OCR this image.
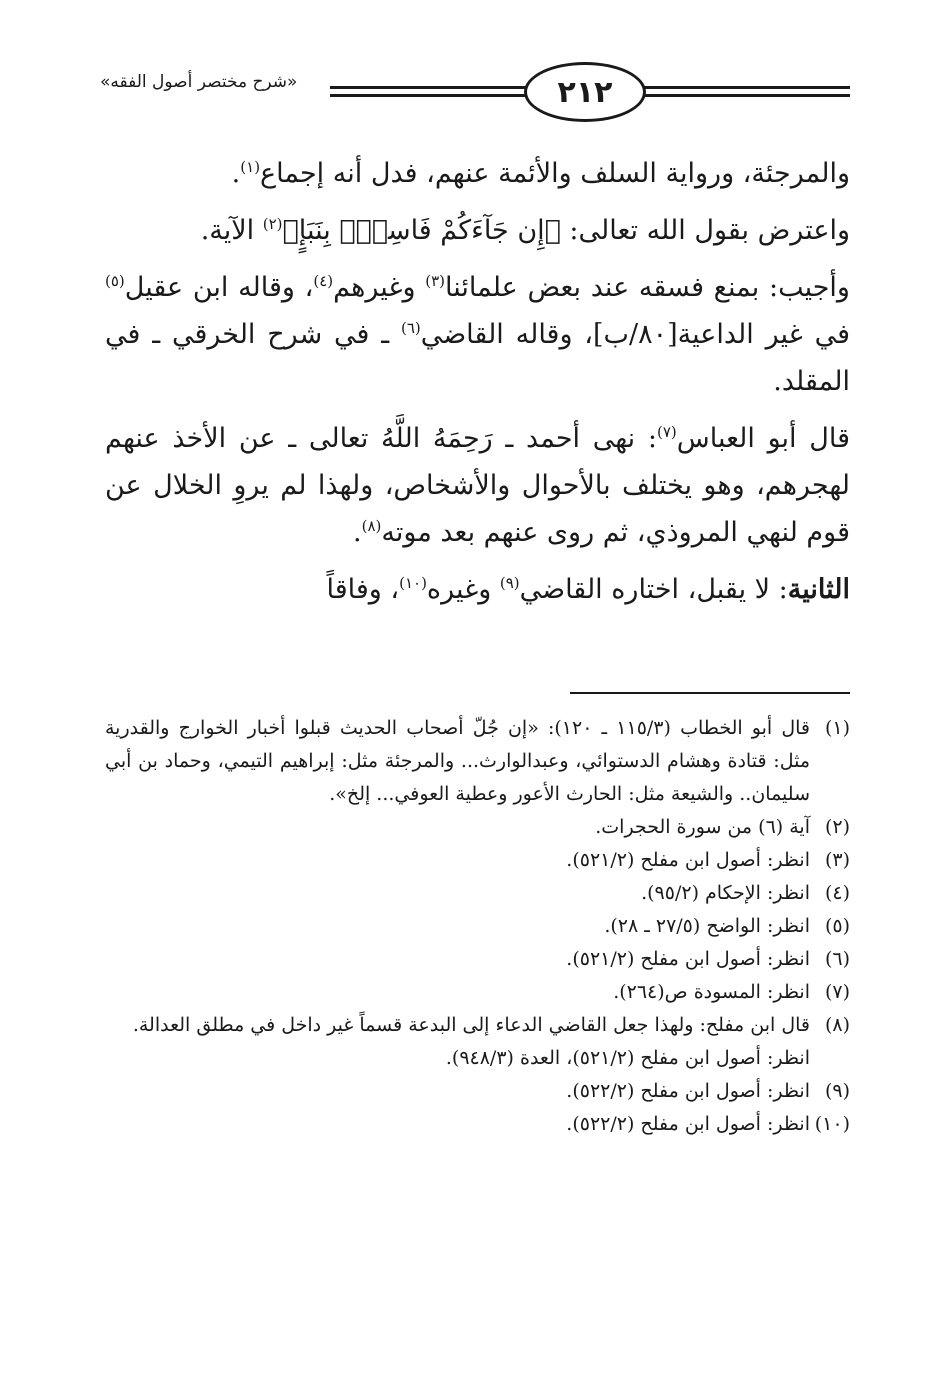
٢١٢
«شرح مختصر أصول الفقه»

والمرجئة، ورواية السلف والأئمة عنهم، فدل أنه إجماع$^{(١)}$.

واعترض بقول الله تعالى: ﴿إِن جَآءَكُمْ فَاسِقٌۢ بِنَبَإٍ﴾$^{(٢)}$ الآية.

وأجيب: بمنع فسقه عند بعض علمائنا$^{(٣)}$ وغيرهم$^{(٤)}$، وقاله ابن عقيل$^{(٥)}$ في غير الداعية[٨٠/ب]، وقاله القاضي$^{(٦)}$ ـ في شرح الخرقي ـ في المقلد.

قال أبو العباس$^{(٧)}$: نهى أحمد ـ رَحِمَهُ اللَّهُ تعالى ـ عن الأخذ عنهم لهجرهم، وهو يختلف بالأحوال والأشخاص، ولهذا لم يروِ الخلال عن قوم لنهي المروذي، ثم روى عنهم بعد موته$^{(٨)}$.

الثانية: لا يقبل، اختاره القاضي$^{(٩)}$ وغيره$^{(١٠)}$، وفاقاً

(١)
قال أبو الخطاب (١١٥/٣ ـ ١٢٠): «إن جُلّ أصحاب الحديث قبلوا أخبار الخوارج والقدرية مثل: قتادة وهشام الدستوائي، وعبدالوارث... والمرجئة مثل: إبراهيم التيمي، وحماد بن أبي سليمان.. والشيعة مثل: الحارث الأعور وعطية العوفي... إلخ».
(٢)
آية (٦) من سورة الحجرات.
(٣)
انظر: أصول ابن مفلح (٥٢١/٢).
(٤)
انظر: الإحكام (٩٥/٢).
(٥)
انظر: الواضح (٢٧/٥ ـ ٢٨).
(٦)
انظر: أصول ابن مفلح (٥٢١/٢).
(٧)
انظر: المسودة ص(٢٦٤).
(٨)
قال ابن مفلح: ولهذا جعل القاضي الدعاء إلى البدعة قسماً غير داخل في مطلق العدالة.
انظر: أصول ابن مفلح (٥٢١/٢)، العدة (٩٤٨/٣).
(٩)
انظر: أصول ابن مفلح (٥٢٢/٢).
(١٠)
انظر: أصول ابن مفلح (٥٢٢/٢).
